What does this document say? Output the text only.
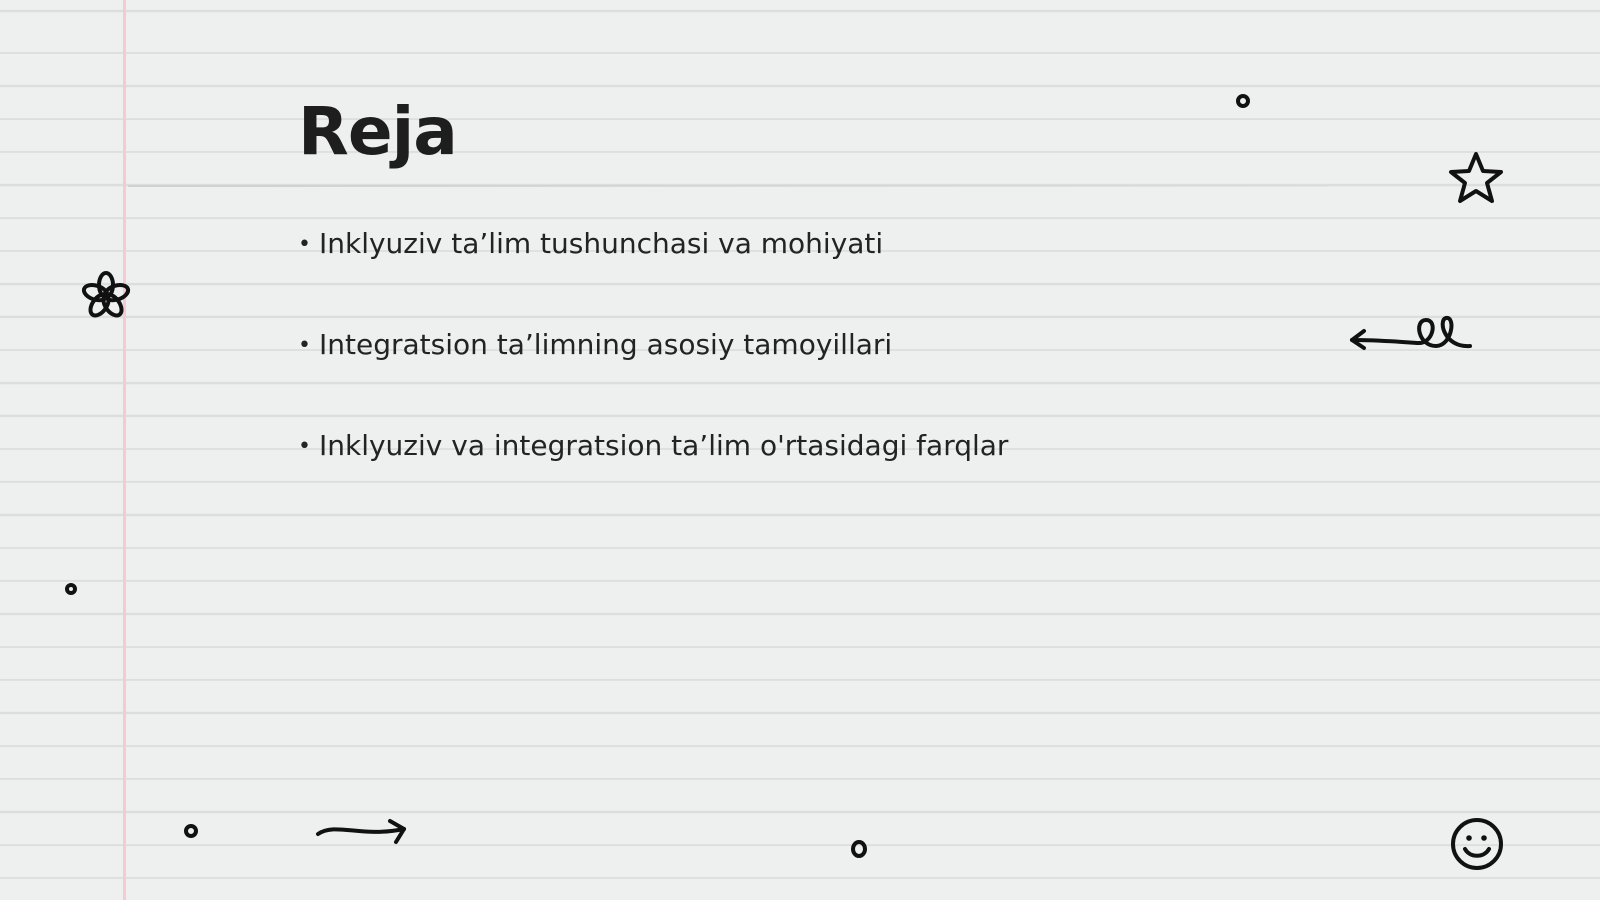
Reja
• Inklyuziv ta’lim tushunchasi va mohiyati
• Integratsion ta’limning asosiy tamoyillari
• Inklyuziv va integratsion ta’lim o'rtasidagi farqlar
